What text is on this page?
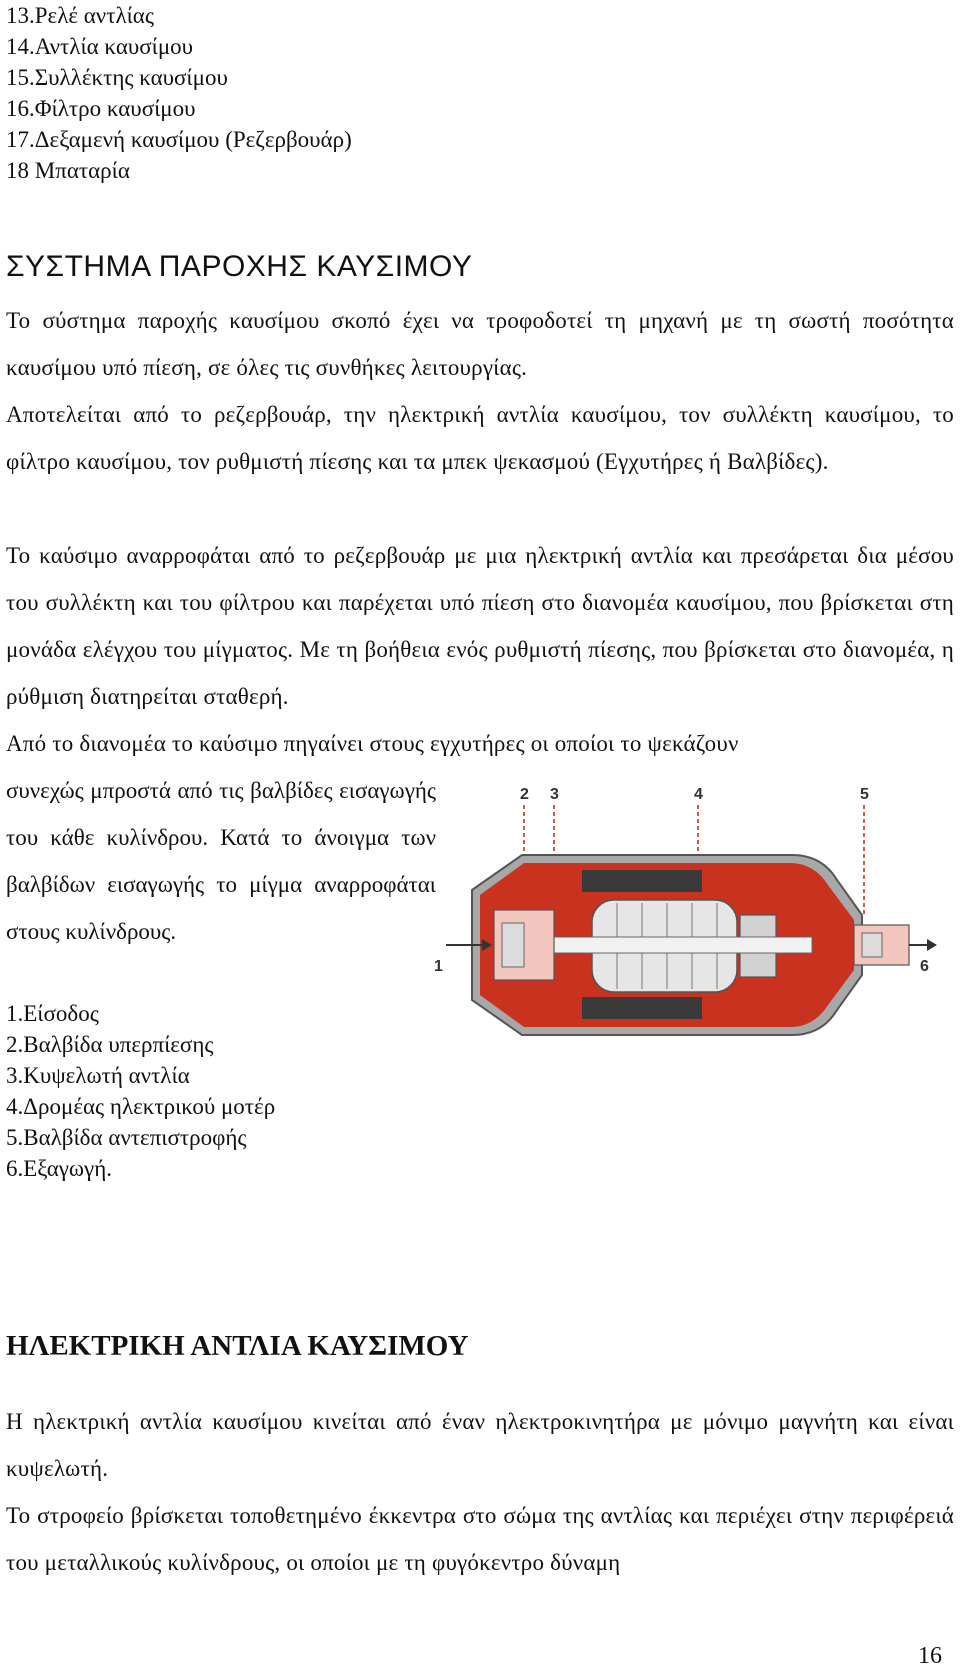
13.Ρελέ αντλίας
14.Αντλία καυσίμου
15.Συλλέκτης καυσίμου
16.Φίλτρο καυσίμου
17.Δεξαμενή καυσίμου (Ρεζερβουάρ)
18 Μπαταρία
ΣΥΣΤΗΜΑ ΠΑΡΟΧΗΣ ΚΑΥΣΙΜΟΥ

Το σύστημα παροχής καυσίμου σκοπό έχει να τροφοδοτεί τη μηχανή με τη σωστή ποσότητα καυσίμου υπό πίεση, σε όλες τις συνθήκες λειτουργίας.

Αποτελείται από το ρεζερβουάρ, την ηλεκτρική αντλία καυσίμου, τον συλλέκτη καυσίμου, το φίλτρο καυσίμου, τον ρυθμιστή πίεσης και τα μπεκ ψεκασμού (Εγχυτήρες ή Βαλβίδες).

Το καύσιμο αναρροφάται από το ρεζερβουάρ με μια ηλεκτρική αντλία και πρεσάρεται δια μέσου του συλλέκτη και του φίλτρου και παρέχεται υπό πίεση στο διανομέα καυσίμου, που βρίσκεται στη μονάδα ελέγχου του μίγματος. Με τη βοήθεια ενός ρυθμιστή πίεσης, που βρίσκεται στο διανομέα, η ρύθμιση διατηρείται σταθερή.

Από το διανομέα το καύσιμο πηγαίνει στους εγχυτήρες οι οποίοι το ψεκάζουν

συνεχώς μπροστά από τις βαλβίδες εισαγωγής του κάθε κυλίνδρου. Κατά το άνοιγμα των βαλβίδων εισαγωγής το μίγμα αναρροφάται στους κυλίνδρους.

2 3	4	5
1	6
1.Είσοδος
2.Βαλβίδα υπερπίεσης
3.Κυψελωτή αντλία
4.Δρομέας ηλεκτρικού μοτέρ
5.Βαλβίδα αντεπιστροφής
6.Εξαγωγή.
ΗΛΕΚΤΡΙΚΗ ΑΝΤΛΙΑ ΚΑΥΣΙΜΟΥ

Η ηλεκτρική αντλία καυσίμου κινείται από έναν ηλεκτροκινητήρα με μόνιμο μαγνήτη και είναι κυψελωτή.

Το στροφείο βρίσκεται τοποθετημένο έκκεντρα στο σώμα της αντλίας και περιέχει στην περιφέρειά του μεταλλικούς κυλίνδρους, οι οποίοι με τη φυγόκεντρο δύναμη

16
